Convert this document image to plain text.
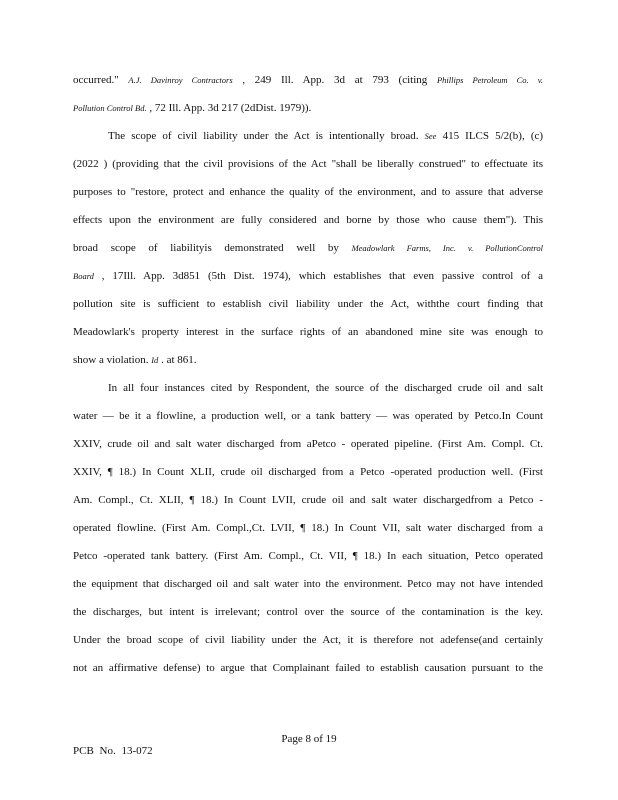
occurred." A.J. Davinroy Contractors , 249 Ill. App. 3d at 793 (citing Phillips Petroleum Co. v.
Pollution Control Bd. , 72 Ill. App. 3d 217 (2dDist. 1979)).
The scope of civil liability under the Act is intentionally broad. See 415 ILCS 5/2(b), (c)
(2022 ) (providing that the civil provisions of the Act "shall be liberally construed" to effectuate its
purposes to "restore, protect and enhance the quality of the environment, and to assure that adverse
effects upon the environment are fully considered and borne by those who cause them"). This
broad scope of liabilityis demonstrated well by Meadowlark Farms, Inc. v. PollutionControl
Board , 17Ill. App. 3d851 (5th Dist. 1974), which establishes that even passive control of a
pollution site is sufficient to establish civil liability under the Act, withthe court finding that
Meadowlark's property interest in the surface rights of an abandoned mine site was enough to
show a violation. Id . at 861.
In all four instances cited by Respondent, the source of the discharged crude oil and salt
water — be it a flowline, a production well, or a tank battery — was operated by Petco.In Count
XXIV, crude oil and salt water discharged from aPetco - operated pipeline. (First Am. Compl. Ct.
XXIV, ¶ 18.) In Count XLII, crude oil discharged from a Petco -operated production well. (First
Am. Compl., Ct. XLII, ¶ 18.) In Count LVII, crude oil and salt water dischargedfrom a Petco -
operated flowline. (First Am. Compl.,Ct. LVII, ¶ 18.) In Count VII, salt water discharged from a
Petco -operated tank battery. (First Am. Compl., Ct. VII, ¶ 18.) In each situation, Petco operated
the equipment that discharged oil and salt water into the environment. Petco may not have intended
the discharges, but intent is irrelevant; control over the source of the contamination is the key.
Under the broad scope of civil liability under the Act, it is therefore not adefense(and certainly
not an affirmative defense) to argue that Complainant failed to establish causation pursuant to the
Page 8 of 19
PCB No. 13-072
